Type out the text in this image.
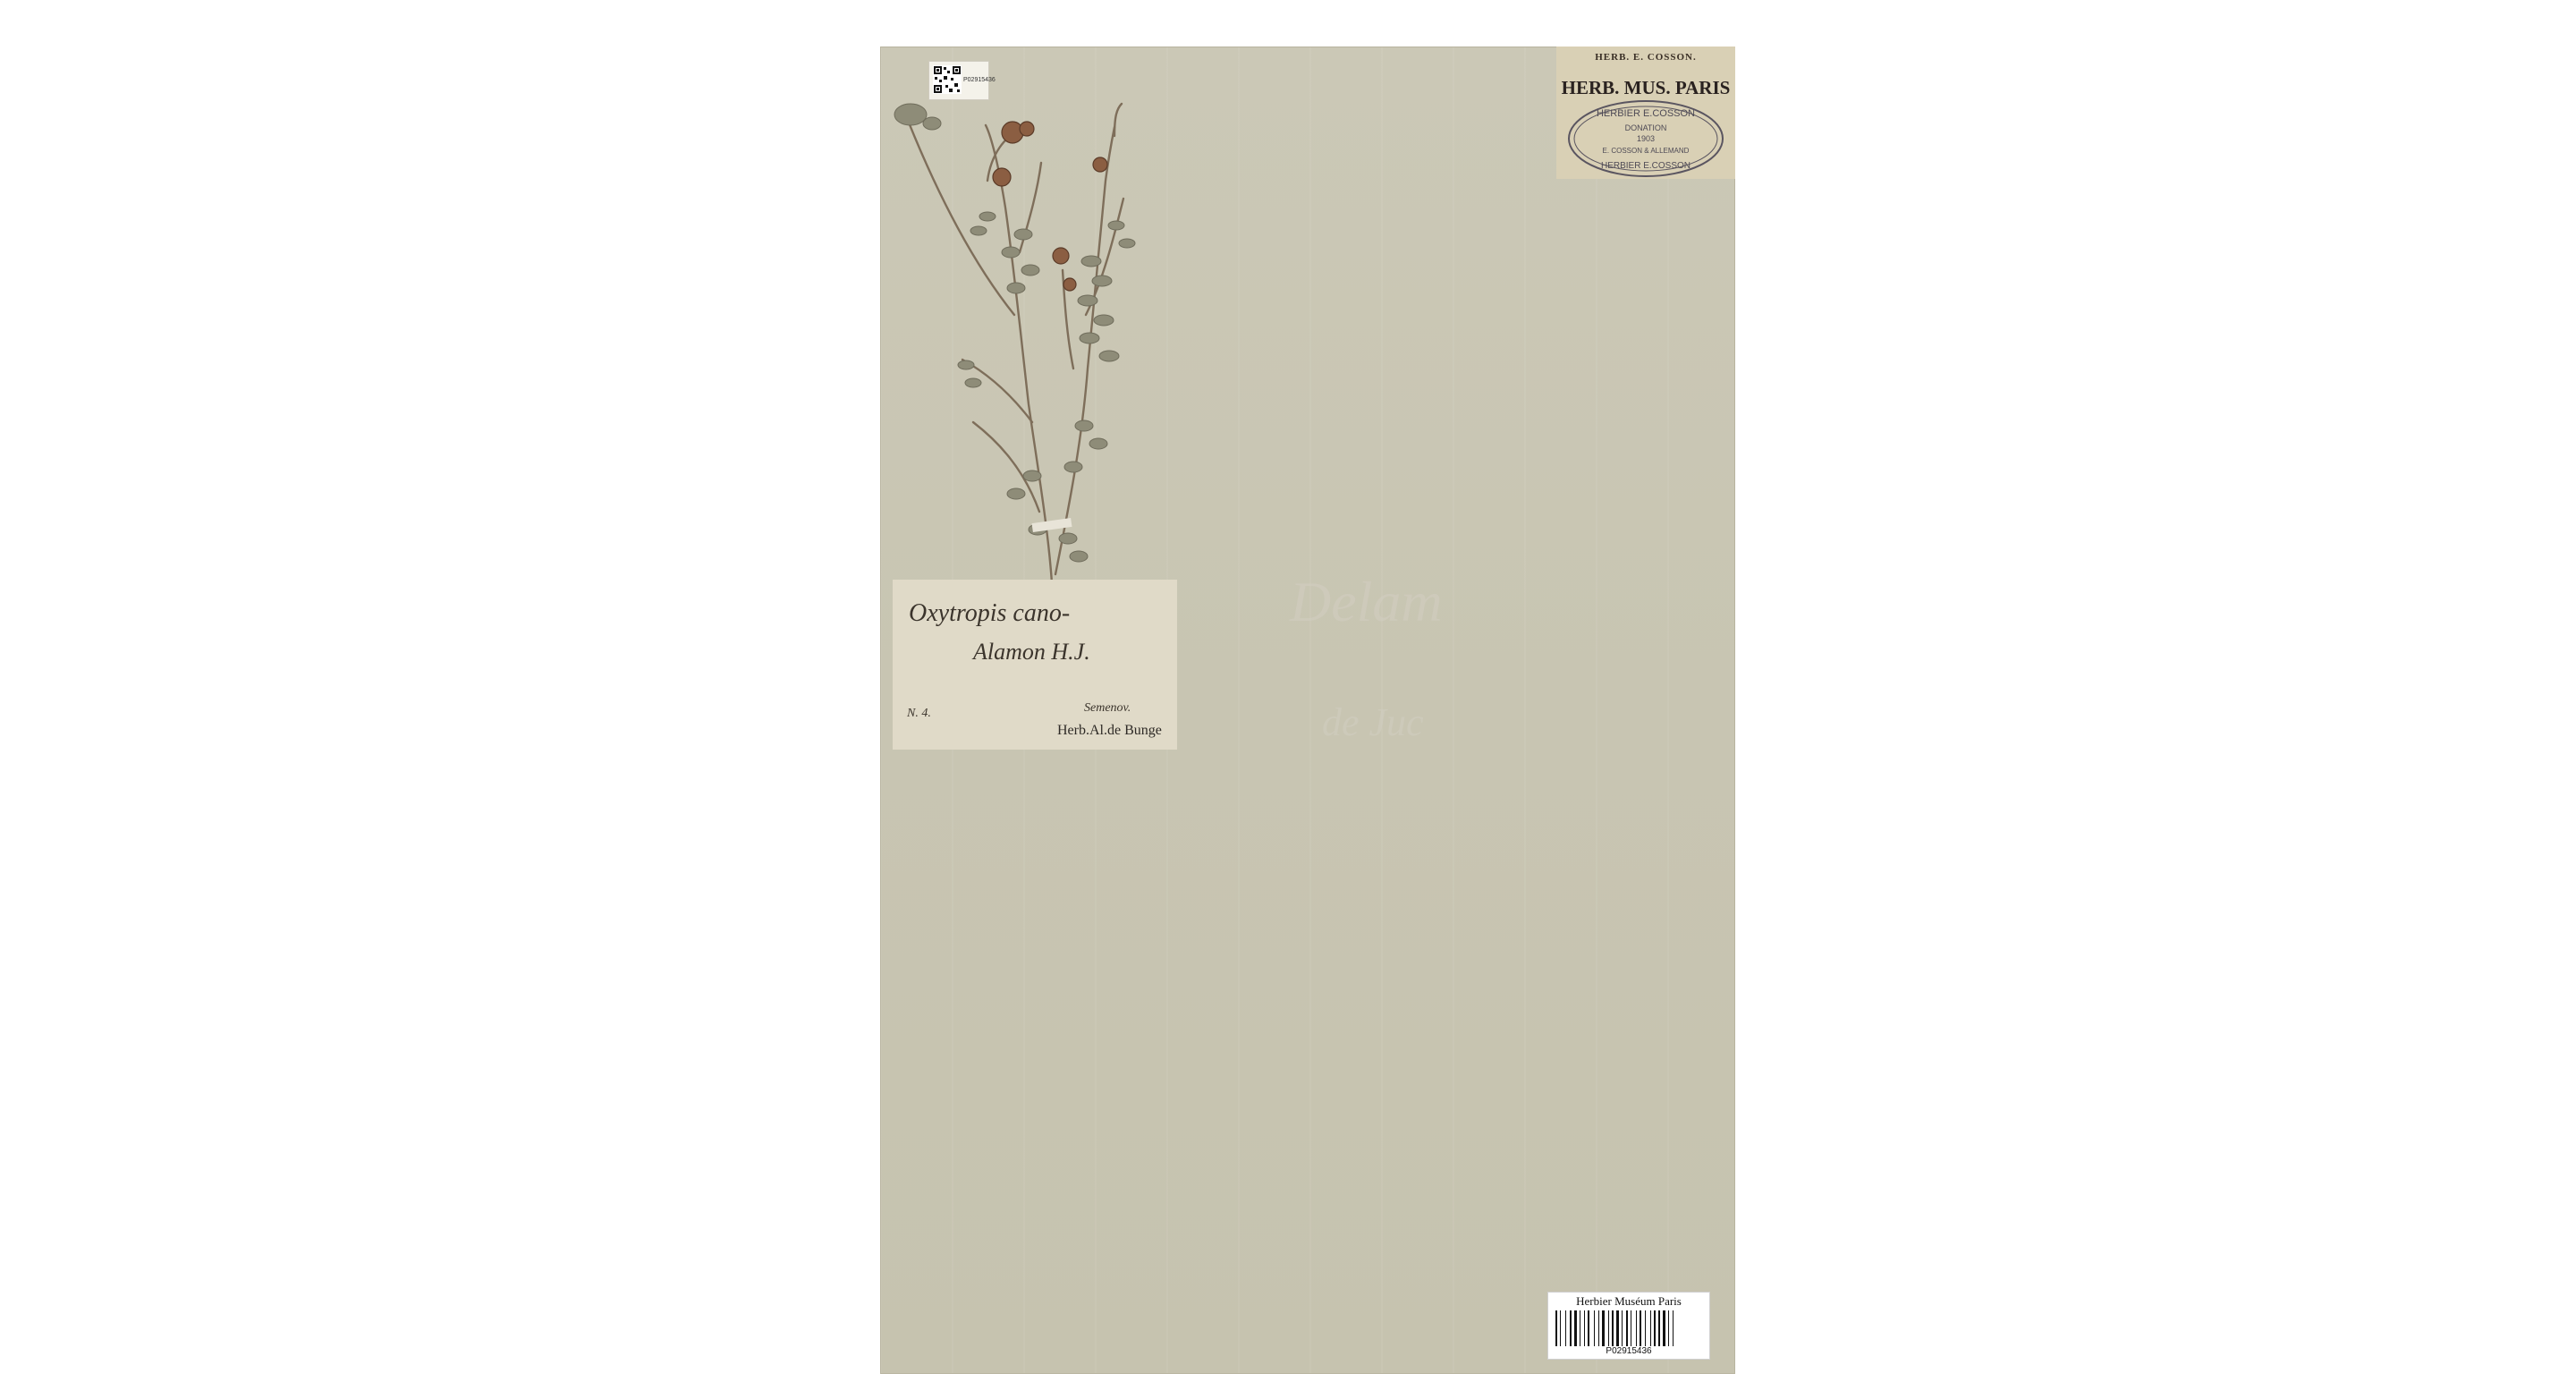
P02915436
HERB. E. COSSON.
HERB. MUS. PARIS
HERBIER E.COSSON
DONATION
1903
E. COSSON & ALLEMAND
HERBIER E.COSSON
Delam
de Juc
Oxytropis cano-
Alamon H.J.
N. 4.	Semenov.
Herb.Al.de Bunge
Herbier Muséum Paris
P02915436
